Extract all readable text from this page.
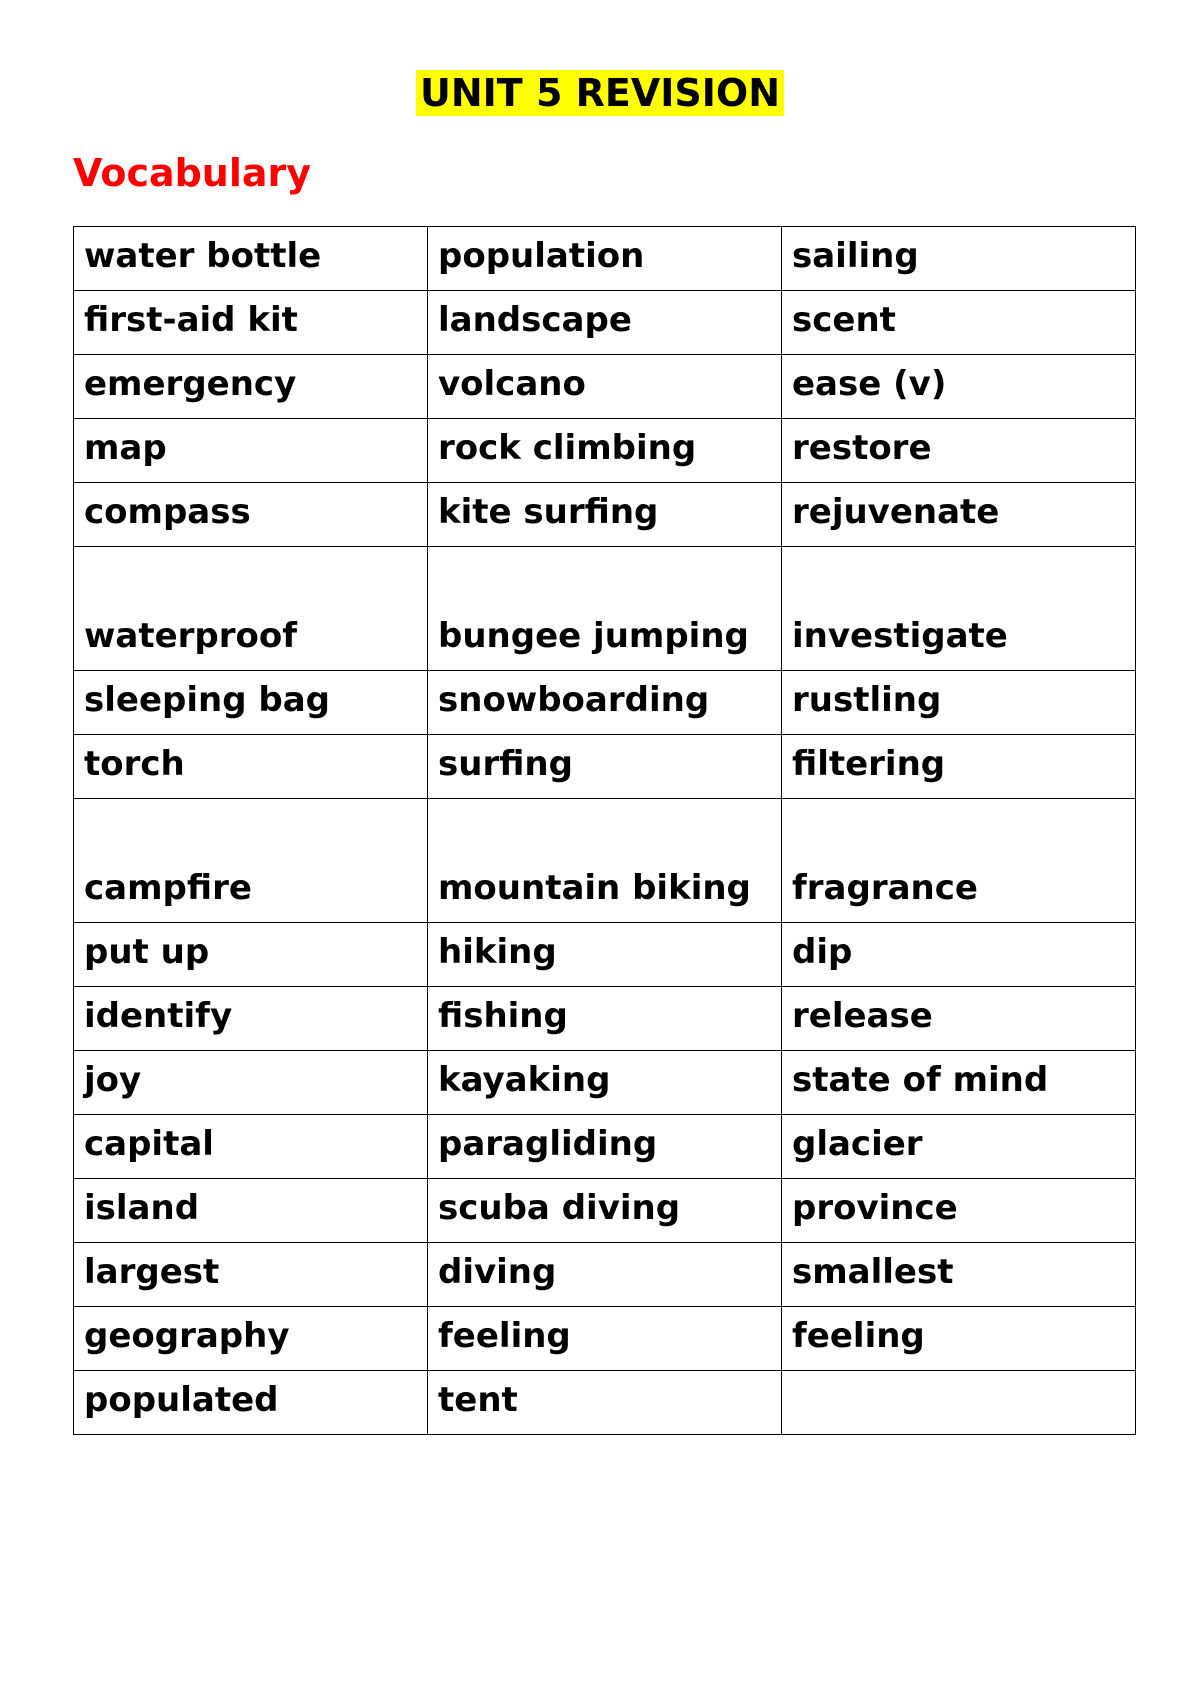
UNIT 5 REVISION
Vocabulary
water bottle	population	sailing

first-aid kit	landscape	scent

emergency	volcano	ease (v)

map	rock climbing	restore

compass	kite surfing	rejuvenate

waterproof	bungee jumping	investigate

sleeping bag	snowboarding	rustling

torch	surfing	filtering

campfire	mountain biking	fragrance

put up	hiking	dip

identify	fishing	release

joy	kayaking	state of mind

capital	paragliding	glacier

island	scuba diving	province

largest	diving	smallest

geography	feeling	feeling

populated	tent	
